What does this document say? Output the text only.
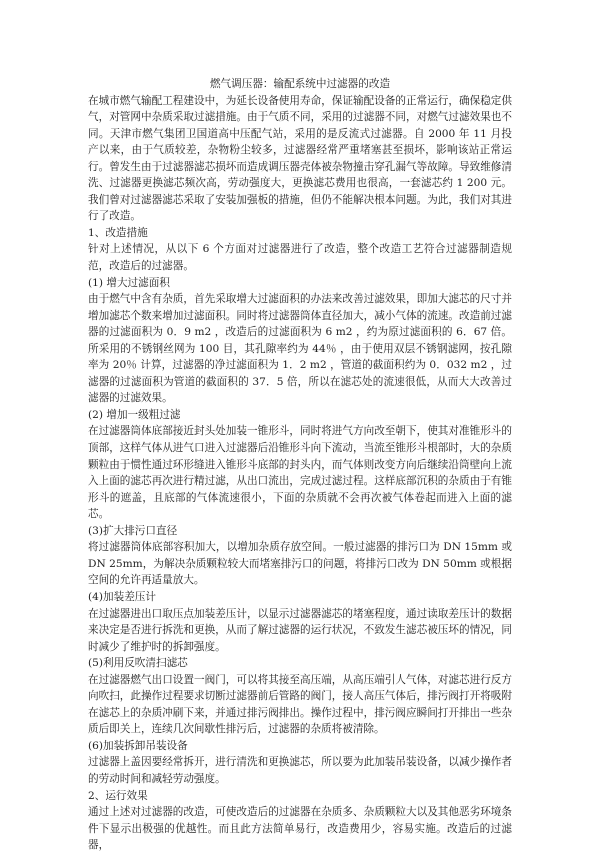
燃气调压器：输配系统中过滤器的改造

在城市燃气输配工程建设中，为延长设备使用寿命，保证输配设备的正常运行，确保稳定供气，对管网中杂质采取过滤措施。由于气质不同，采用的过滤器不同，对燃气过滤效果也不同。天津市燃气集团卫国道高中压配气站，采用的是反流式过滤器。自 2000 年 11 月投产以来，由于气质较差，杂物粉尘较多，过滤器经常严重堵塞甚至损坏，影响该站正常运行。曾发生由于过滤器滤芯损坏而造成调压器壳体被杂物撞击穿孔漏气等故障。导致维修清洗、过滤器更换滤芯频次高，劳动强度大，更换滤芯费用也很高，一套滤芯约 1 200 元。我们曾对过滤器滤芯采取了安装加强板的措施，但仍不能解决根本问题。为此，我们对其进行了改造。

1、改造措施

针对上述情况，从以下 6 个方面对过滤器进行了改造，整个改造工艺符合过滤器制造规范，改造后的过滤器。

(1) 增大过滤面积

由于燃气中含有杂质，首先采取增大过滤面积的办法来改善过滤效果，即加大滤芯的尺寸并增加滤芯个数来增加过滤面积。同时将过滤器筒体直径加大，减小气体的流速。改造前过滤器的过滤面积为 0．9 m2 ，改造后的过滤面积为 6 m2 ，约为原过滤面积的 6．67 倍。所采用的不锈钢丝网为 100 目，其孔隙率约为 44％ ，由于使用双层不锈钢滤网，按孔隙率为 20％ 计算，过滤器的净过滤面积为 1．2 m2 ，管道的截面积约为 0．032 m2 ，过滤器的过滤面积为管道的截面积的 37．5 倍，所以在滤芯处的流速很低，从而大大改善过滤器的过滤效果。

(2) 增加一级粗过滤

在过滤器筒体底部接近封头处加装一锥形斗，同时将进气方向改至朝下，使其对准锥形斗的顶部，这样气体从进气口进入过滤器后沿锥形斗向下流动，当流至锥形斗根部时，大的杂质颗粒由于惯性通过环形缝进入锥形斗底部的封头内，而气体则改变方向后继续沿筒壁向上流入上面的滤芯再次进行精过滤，从出口流出，完成过滤过程。这样底部沉积的杂质由于有锥形斗的遮盖，且底部的气体流速很小，下面的杂质就不会再次被气体卷起而进入上面的滤芯。

(3)扩大排污口直径

将过滤器筒体底部容积加大，以增加杂质存放空间。一般过滤器的排污口为 DN 15mm 或 DN 25mm，为解决杂质颗粒较大而堵塞排污口的问题，将排污口改为 DN 50mm 或根据空间的允许再适量放大。

(4)加装差压计

在过滤器进出口取压点加装差压计，以显示过滤器滤芯的堵塞程度，通过读取差压计的数据来决定是否进行拆洗和更换，从而了解过滤器的运行状况，不致发生滤芯被压坏的情况，同时减少了维护时的拆卸强度。

(5)利用反吹清扫滤芯

在过滤器燃气出口设置一阀门，可以将其接至高压端，从高压端引人气体，对滤芯进行反方向吹扫，此操作过程要求切断过滤器前后管路的阀门，接人高压气体后，排污阀打开将吸附在滤芯上的杂质冲刷下来，并通过排污阀排出。操作过程中，排污阀应瞬间打开排出一些杂质后即关上，连续几次间歇性排污后，过滤器的杂质将被清除。

(6)加装拆卸吊装设备

过滤器上盖因要经常拆开，进行清洗和更换滤芯，所以要为此加装吊装设备，以减少操作者的劳动时间和减轻劳动强度。

2、运行效果

通过上述对过滤器的改造，可使改造后的过滤器在杂质多、杂质颗粒大以及其他恶劣环境条件下显示出极强的优越性。而且此方法简单易行，改造费用少，容易实施。改造后的过滤器，
